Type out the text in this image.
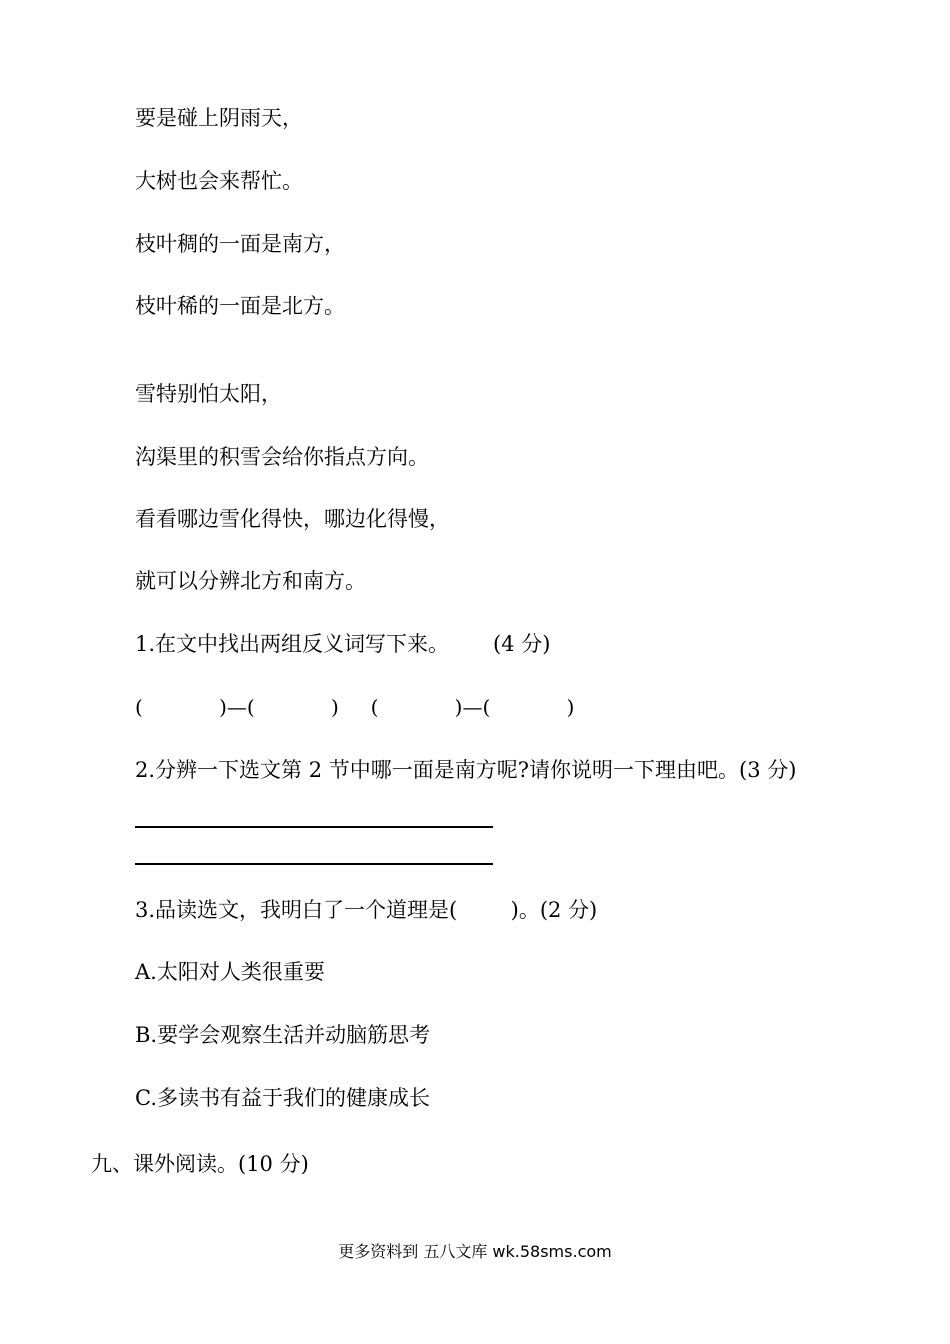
要是碰上阴雨天，
大树也会来帮忙。
枝叶稠的一面是南方，
枝叶稀的一面是北方。
雪特别怕太阳，
沟渠里的积雪会给你指点方向。
看看哪边雪化得快，哪边化得慢，
就可以分辨北方和南方。
1.在文中找出两组反义词写下来。 (4 分)
(            )—(            )     (            )—(            )
2.分辨一下选文第 2 节中哪一面是南方呢?请你说明一下理由吧。(3 分)
3.品读选文，我明白了一个道理是(        )。(2 分)
A.太阳对人类很重要
B.要学会观察生活并动脑筋思考
C.多读书有益于我们的健康成长
九、课外阅读。(10 分)
更多资料到 五八文库 wk.58sms.com
